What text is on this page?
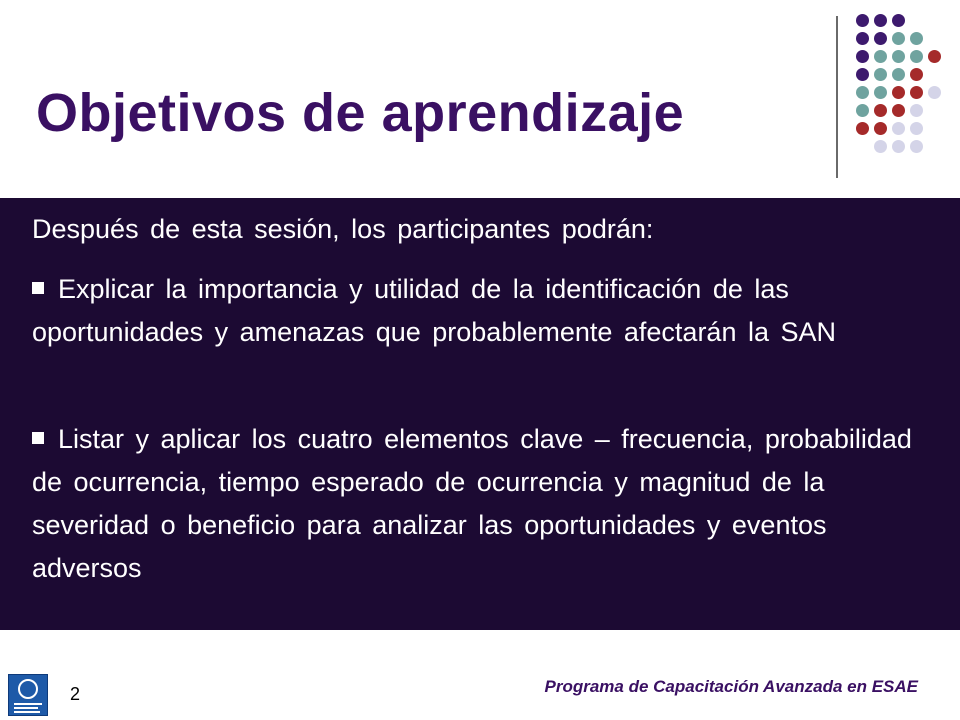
Objetivos de aprendizaje
Después de esta sesión, los participantes podrán:
Explicar la importancia y utilidad de la identificación de las oportunidades y amenazas que probablemente afectarán la SAN
Listar y aplicar los cuatro elementos clave – frecuencia, probabilidad de ocurrencia, tiempo esperado de ocurrencia y magnitud de la severidad o beneficio para analizar las oportunidades y eventos adversos
2	Programa de Capacitación Avanzada en ESAE
